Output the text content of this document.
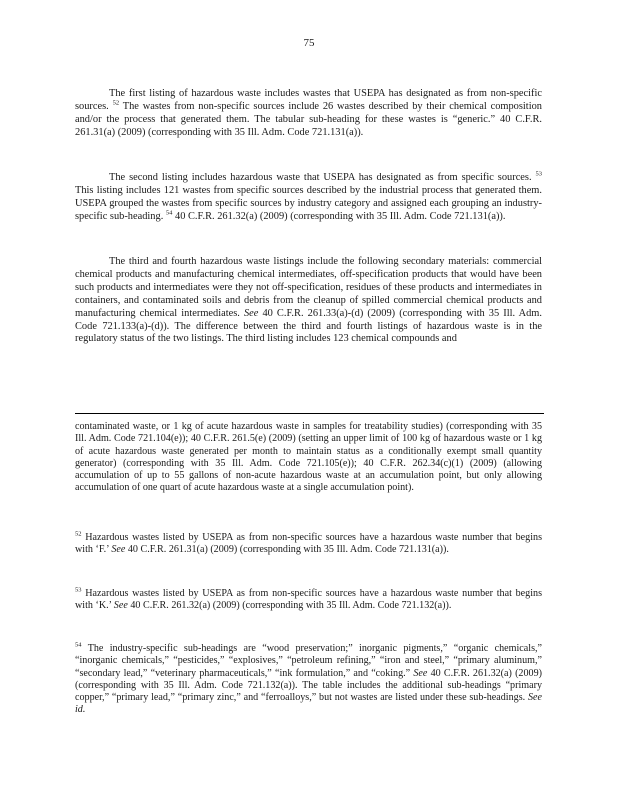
75

The first listing of hazardous waste includes wastes that USEPA has designated as from non-specific sources. $^{52}$ The wastes from non-specific sources include 26 wastes described by their chemical composition and/or the process that generated them. The tabular sub-heading for these wastes is “generic.” 40 C.F.R. 261.31(a) (2009) (corresponding with 35 Ill. Adm. Code 721.131(a)).

The second listing includes hazardous waste that USEPA has designated as from specific sources. $^{53}$ This listing includes 121 wastes from specific sources described by the industrial process that generated them. USEPA grouped the wastes from specific sources by industry category and assigned each grouping an industry-specific sub-heading. $^{54}$ 40 C.F.R. 261.32(a) (2009) (corresponding with 35 Ill. Adm. Code 721.131(a)).

The third and fourth hazardous waste listings include the following secondary materials: commercial chemical products and manufacturing chemical intermediates, off-specification products that would have been such products and intermediates were they not off-specification, residues of these products and intermediates in containers, and contaminated soils and debris from the cleanup of spilled commercial chemical products and manufacturing chemical intermediates. See 40 C.F.R. 261.33(a)-(d) (2009) (corresponding with 35 Ill. Adm. Code 721.133(a)-(d)). The difference between the third and fourth listings of hazardous waste is in the regulatory status of the two listings. The third listing includes 123 chemical compounds and

contaminated waste, or 1 kg of acute hazardous waste in samples for treatability studies) (corresponding with 35 Ill. Adm. Code 721.104(e)); 40 C.F.R. 261.5(e) (2009) (setting an upper limit of 100 kg of hazardous waste or 1 kg of acute hazardous waste generated per month to maintain status as a conditionally exempt small quantity generator) (corresponding with 35 Ill. Adm. Code 721.105(e)); 40 C.F.R. 262.34(c)(1) (2009) (allowing accumulation of up to 55 gallons of non-acute hazardous waste at an accumulation point, but only allowing accumulation of one quart of acute hazardous waste at a single accumulation point).

$^{52}$ Hazardous wastes listed by USEPA as from non-specific sources have a hazardous waste number that begins with ‘F.’ See 40 C.F.R. 261.31(a) (2009) (corresponding with 35 Ill. Adm. Code 721.131(a)).

$^{53}$ Hazardous wastes listed by USEPA as from non-specific sources have a hazardous waste number that begins with ‘K.’ See 40 C.F.R. 261.32(a) (2009) (corresponding with 35 Ill. Adm. Code 721.132(a)).

$^{54}$ The industry-specific sub-headings are “wood preservation;” inorganic pigments,” “organic chemicals,” “inorganic chemicals,” “pesticides,” “explosives,” “petroleum refining,” “iron and steel,” “primary aluminum,” “secondary lead,” “veterinary pharmaceuticals,” “ink formulation,” and “coking.” See 40 C.F.R. 261.32(a) (2009) (corresponding with 35 Ill. Adm. Code 721.132(a)). The table includes the additional sub-headings “primary copper,” “primary lead,” “primary zinc,” and “ferroalloys,” but not wastes are listed under these sub-headings. See id.
